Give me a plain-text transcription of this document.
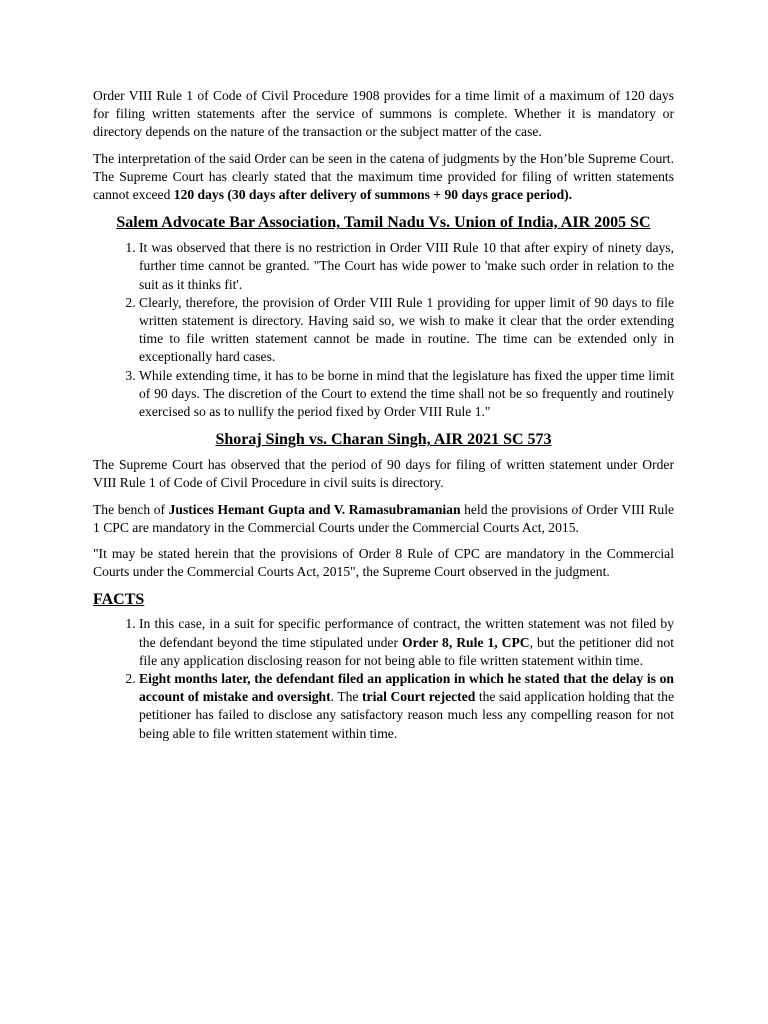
Order VIII Rule 1 of Code of Civil Procedure 1908 provides for a time limit of a maximum of 120 days for filing written statements after the service of summons is complete. Whether it is mandatory or directory depends on the nature of the transaction or the subject matter of the case.

The interpretation of the said Order can be seen in the catena of judgments by the Hon’ble Supreme Court. The Supreme Court has clearly stated that the maximum time provided for filing of written statements cannot exceed 120 days (30 days after delivery of summons + 90 days grace period).

Salem Advocate Bar Association, Tamil Nadu Vs. Union of India, AIR 2005 SC
1. It was observed that there is no restriction in Order VIII Rule 10 that after expiry of ninety days, further time cannot be granted. "The Court has wide power to 'make such order in relation to the suit as it thinks fit'.
2. Clearly, therefore, the provision of Order VIII Rule 1 providing for upper limit of 90 days to file written statement is directory. Having said so, we wish to make it clear that the order extending time to file written statement cannot be made in routine. The time can be extended only in exceptionally hard cases.
3. While extending time, it has to be borne in mind that the legislature has fixed the upper time limit of 90 days. The discretion of the Court to extend the time shall not be so frequently and routinely exercised so as to nullify the period fixed by Order VIII Rule 1."
Shoraj Singh vs. Charan Singh, AIR 2021 SC 573

The Supreme Court has observed that the period of 90 days for filing of written statement under Order VIII Rule 1 of Code of Civil Procedure in civil suits is directory.

The bench of Justices Hemant Gupta and V. Ramasubramanian held the provisions of Order VIII Rule 1 CPC are mandatory in the Commercial Courts under the Commercial Courts Act, 2015.

"It may be stated herein that the provisions of Order 8 Rule of CPC are mandatory in the Commercial Courts under the Commercial Courts Act, 2015", the Supreme Court observed in the judgment.

FACTS
1. In this case, in a suit for specific performance of contract, the written statement was not filed by the defendant beyond the time stipulated under Order 8, Rule 1, CPC, but the petitioner did not file any application disclosing reason for not being able to file written statement within time.
2. Eight months later, the defendant filed an application in which he stated that the delay is on account of mistake and oversight. The trial Court rejected the said application holding that the petitioner has failed to disclose any satisfactory reason much less any compelling reason for not being able to file written statement within time.
